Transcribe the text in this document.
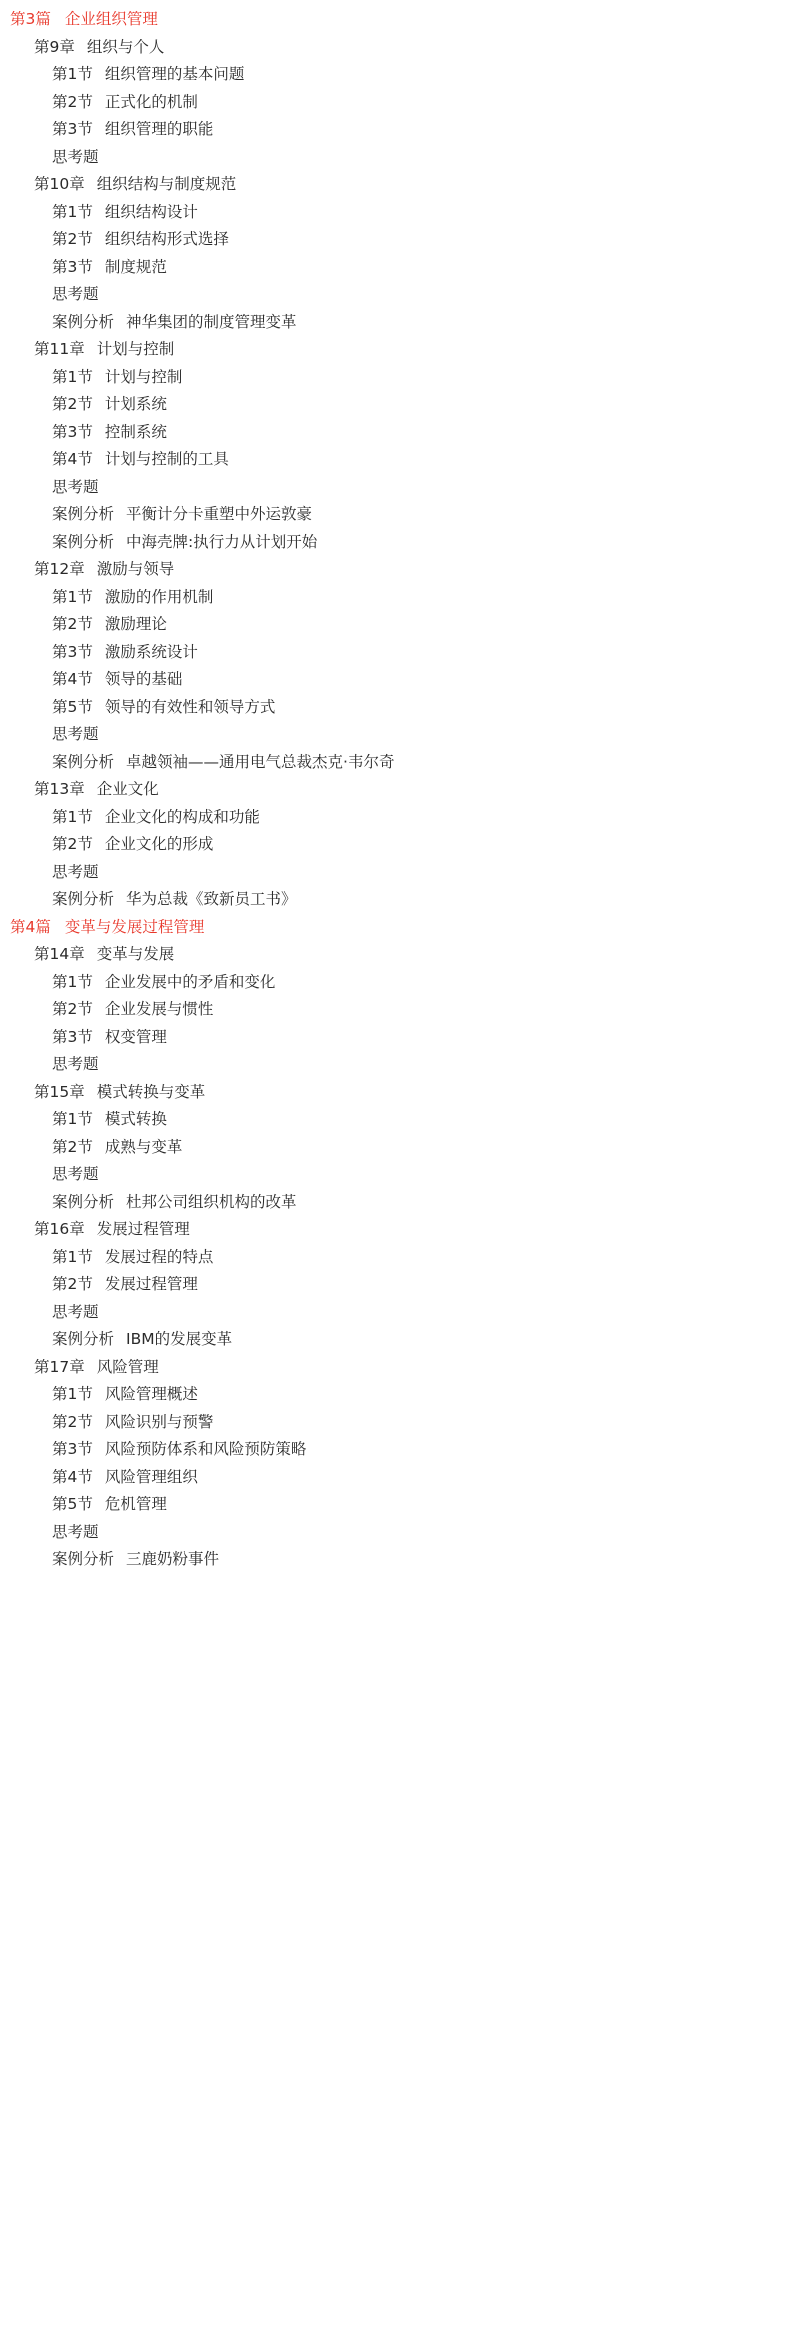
第3篇 企业组织管理
第9章 组织与个人
第1节 组织管理的基本问题
第2节 正式化的机制
第3节 组织管理的职能
思考题
第10章 组织结构与制度规范
第1节 组织结构设计
第2节 组织结构形式选择
第3节 制度规范
思考题
案例分析 神华集团的制度管理变革
第11章 计划与控制
第1节 计划与控制
第2节 计划系统
第3节 控制系统
第4节 计划与控制的工具
思考题
案例分析 平衡计分卡重塑中外运敦豪
案例分析 中海壳牌:执行力从计划开始
第12章 激励与领导
第1节 激励的作用机制
第2节 激励理论
第3节 激励系统设计
第4节 领导的基础
第5节 领导的有效性和领导方式
思考题
案例分析 卓越领袖——通用电气总裁杰克·韦尔奇
第13章 企业文化
第1节 企业文化的构成和功能
第2节 企业文化的形成
思考题
案例分析 华为总裁《致新员工书》
第4篇 变革与发展过程管理
第14章 变革与发展
第1节 企业发展中的矛盾和变化
第2节 企业发展与惯性
第3节 权变管理
思考题
第15章 模式转换与变革
第1节 模式转换
第2节 成熟与变革
思考题
案例分析 杜邦公司组织机构的改革
第16章 发展过程管理
第1节 发展过程的特点
第2节 发展过程管理
思考题
案例分析 IBM的发展变革
第17章 风险管理
第1节 风险管理概述
第2节 风险识别与预警
第3节 风险预防体系和风险预防策略
第4节 风险管理组织
第5节 危机管理
思考题
案例分析 三鹿奶粉事件
